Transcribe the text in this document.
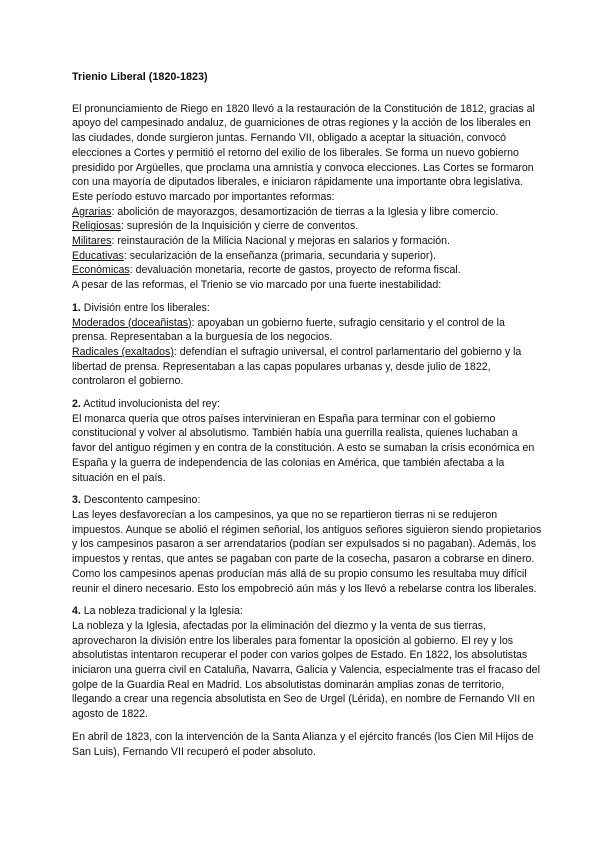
Trienio Liberal (1820-1823)

El pronunciamiento de Riego en 1820 llevó a la restauración de la Constitución de 1812, gracias al apoyo del campesinado andaluz, de guarniciones de otras regiones y la acción de los liberales en las ciudades, donde surgieron juntas. Fernando VII, obligado a aceptar la situación, convocó elecciones a Cortes y permitió el retorno del exilio de los liberales. Se forma un nuevo gobierno presidido por Argüelles, que proclama una amnistía y convoca elecciones. Las Cortes se formaron con una mayoría de diputados liberales, e iniciaron rápidamente una importante obra legislativa.

Este período estuvo marcado por importantes reformas:
Agrarias: abolición de mayorazgos, desamortización de tierras a la Iglesia y libre comercio.
Religiosas: supresión de la Inquisición y cierre de conventos.
Militares: reinstauración de la Milicia Nacional y mejoras en salarios y formación.
Educativas: secularización de la enseñanza (primaria, secundaria y superior).
Económicas: devaluación monetaria, recorte de gastos, proyecto de reforma fiscal.
A pesar de las reformas, el Trienio se vio marcado por una fuerte inestabilidad:
1. División entre los liberales:

Moderados (doceañistas): apoyaban un gobierno fuerte, sufragio censitario y el control de la prensa. Representaban a la burguesía de los negocios.

Radicales (exaltados): defendían el sufragio universal, el control parlamentario del gobierno y la libertad de prensa. Representaban a las capas populares urbanas y, desde julio de 1822, controlaron el gobierno.

2. Actitud involucionista del rey:

El monarca quería que otros países intervinieran en España para terminar con el gobierno constitucional y volver al absolutismo. También había una guerrilla realista, quienes luchaban a favor del antiguo régimen y en contra de la constitución. A esto se sumaban la crisis económica en España y la guerra de independencia de las colonias en América, que también afectaba a la situación en el país.

3. Descontento campesino:

Las leyes desfavorecían a los campesinos, ya que no se repartieron tierras ni se redujeron impuestos. Aunque se abolió el régimen señorial, los antiguos señores siguieron siendo propietarios y los campesinos pasaron a ser arrendatarios (podían ser expulsados si no pagaban). Además, los impuestos y rentas, que antes se pagaban con parte de la cosecha, pasaron a cobrarse en dinero. Como los campesinos apenas producían más allá de su propio consumo les resultaba muy difícil reunir el dinero necesario. Esto los empobreció aún más y los llevó a rebelarse contra los liberales.

4. La nobleza tradicional y la Iglesia:

La nobleza y la Iglesia, afectadas por la eliminación del diezmo y la venta de sus tierras, aprovecharon la división entre los liberales para fomentar la oposición al gobierno. El rey y los absolutistas intentaron recuperar el poder con varios golpes de Estado. En 1822, los absolutistas iniciaron una guerra civil en Cataluña, Navarra, Galicia y Valencia, especialmente tras el fracaso del golpe de la Guardia Real en Madrid. Los absolutistas dominarán amplias zonas de territorio, llegando a crear una regencia absolutista en Seo de Urgel (Lérida), en nombre de Fernando VII en agosto de 1822.

En abril de 1823, con la intervención de la Santa Alianza y el ejército francés (los Cien Mil Hijos de San Luis), Fernando VII recuperó el poder absoluto.
